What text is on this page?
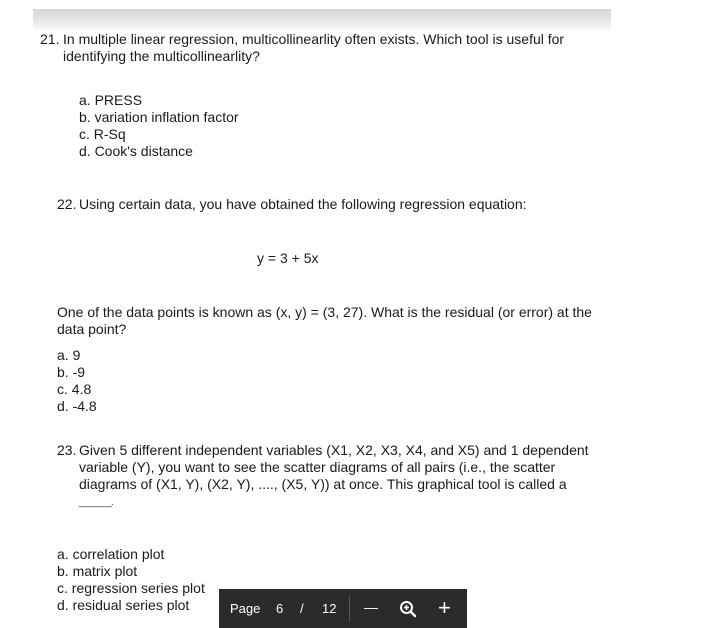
21. In multiple linear regression, multicollinearlity often exists. Which tool is useful for
identifying the multicollinearlity?
a. PRESS
b. variation inflation factor
c. R-Sq
d. Cook's distance
22. Using certain data, you have obtained the following regression equation:
y = 3 + 5x
One of the data points is known as (x, y) = (3, 27). What is the residual (or error) at the
data point?
a. 9
b. -9
c. 4.8
d. -4.8
23. Given 5 different independent variables (X1, X2, X3, X4, and X5) and 1 dependent
variable (Y), you want to see the scatter diagrams of all pairs (i.e., the scatter
diagrams of (X1, Y), (X2, Y), ...., (X5, Y)) at once. This graphical tool is called a
________.
a. correlation plot
b. matrix plot
c. regression series plot
d. residual series plot	Page 6 / 12 —	+
